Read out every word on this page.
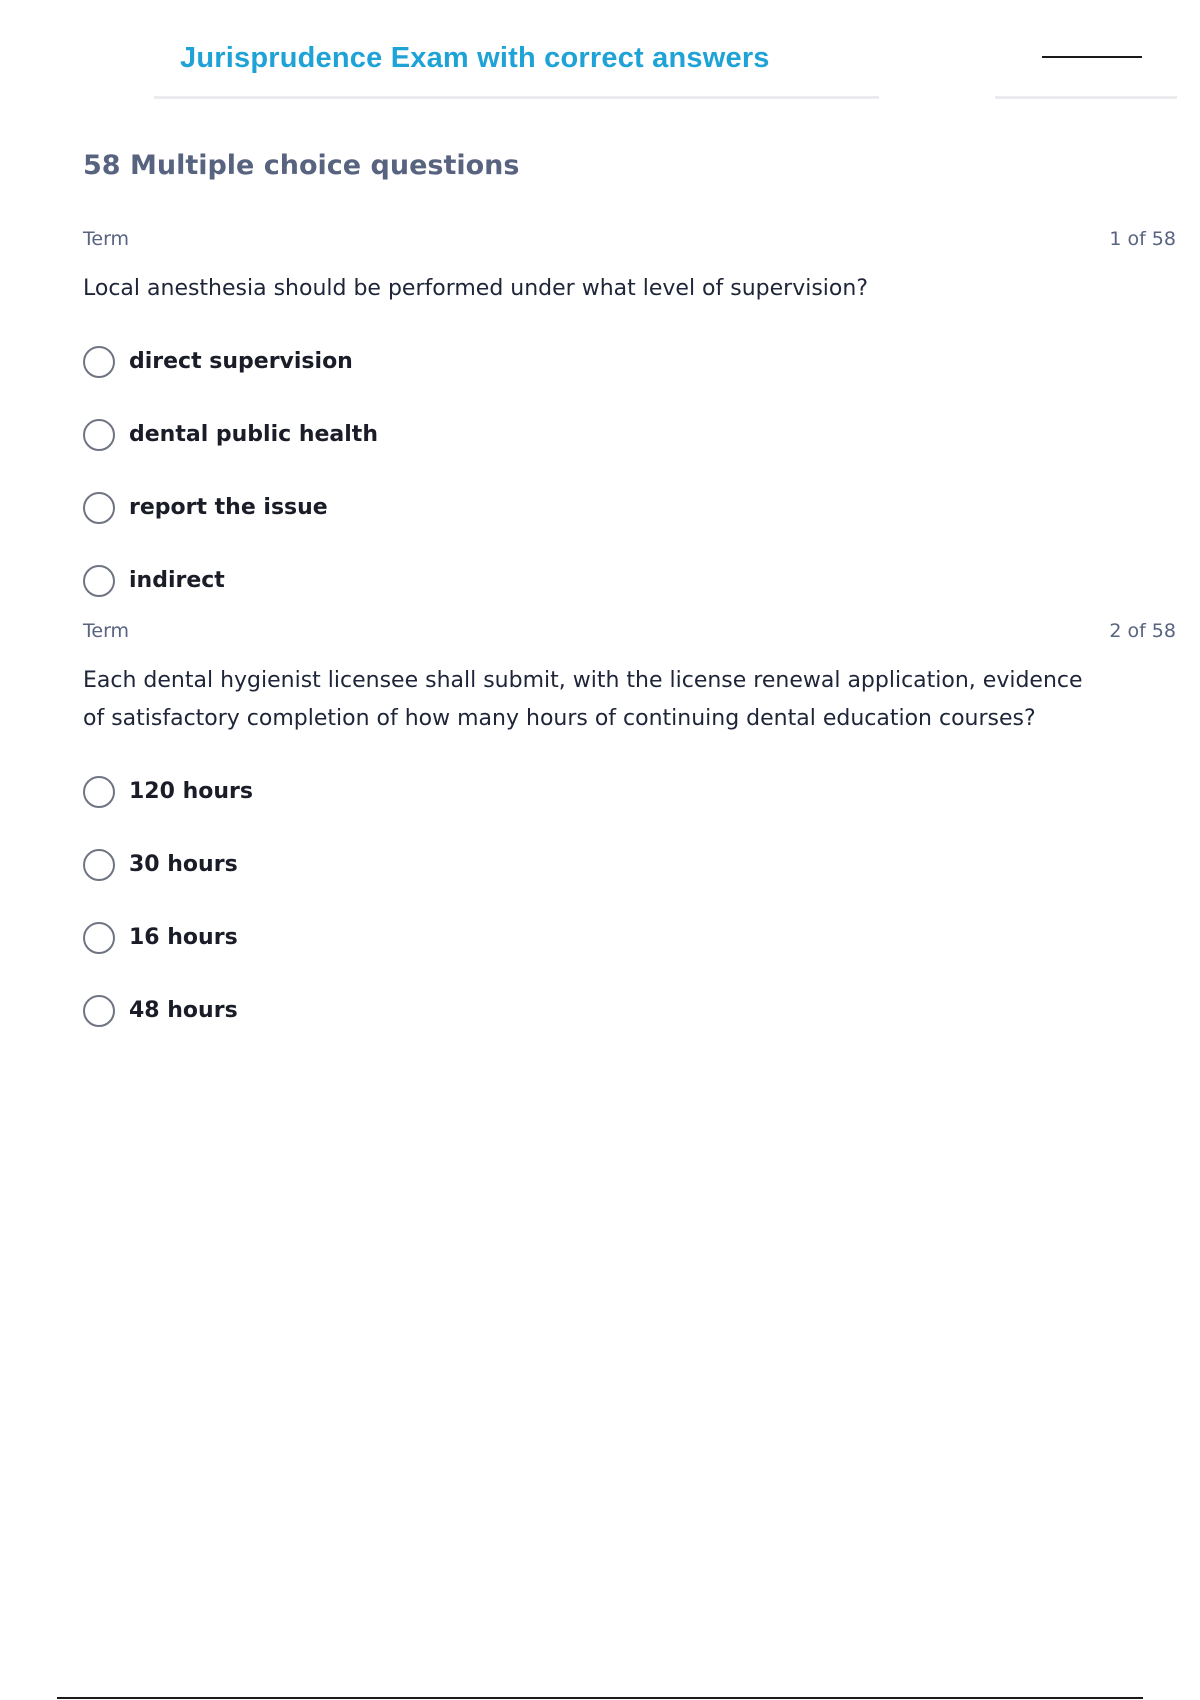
Jurisprudence Exam with correct answers
58 Multiple choice questions
Term	1 of 58
Local anesthesia should be performed under what level of supervision?
direct supervision
dental public health
report the issue
indirect
Term	2 of 58
Each dental hygienist licensee shall submit, with the license renewal application, evidence of satisfactory completion of how many hours of continuing dental education courses?
120 hours
30 hours
16 hours
48 hours
